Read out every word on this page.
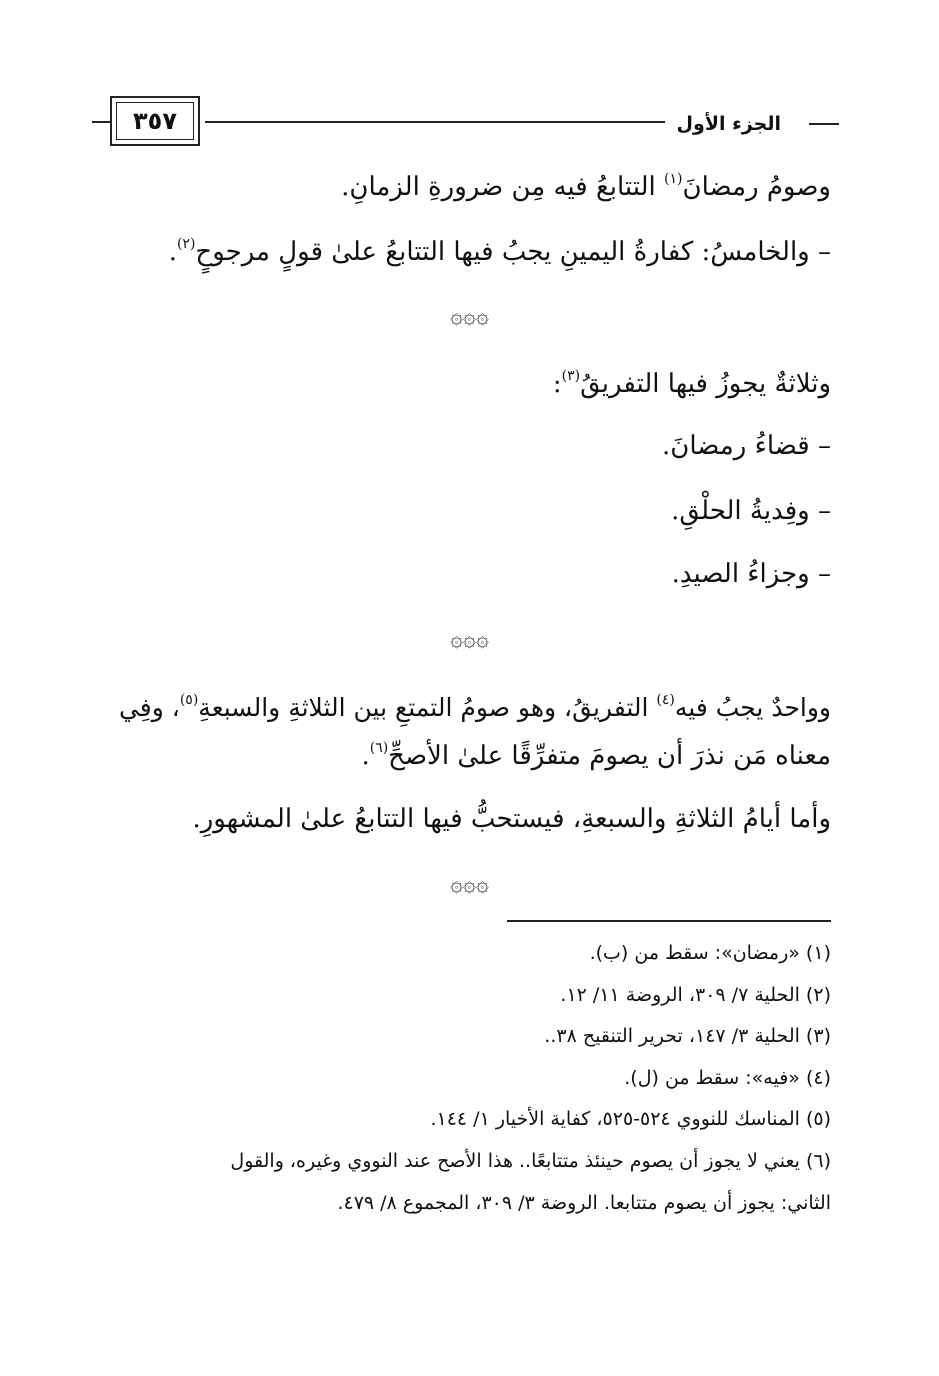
الجزء الأول
٣٥٧
وصومُ رمضانَ$^{(١)}$ التتابعُ فيه مِن ضرورةِ الزمانِ.
– والخامسُ: كفارةُ اليمينِ يجبُ فيها التتابعُ علىٰ قولٍ مرجوحٍ$^{(٢)}$.
۞۞۞
وثلاثةٌ يجوزُ فيها التفريقُ$^{(٣)}$:
– قضاءُ رمضانَ.
– وفِديةُ الحلْقِ.
– وجزاءُ الصيدِ.
۞۞۞
وواحدٌ يجبُ فيه$^{(٤)}$ التفريقُ، وهو صومُ التمتعِ بين الثلاثةِ والسبعةِ$^{(٥)}$، وفِي
معناه مَن نذرَ أن يصومَ متفرِّقًا علىٰ الأصحِّ$^{(٦)}$.
وأما أيامُ الثلاثةِ والسبعةِ، فيستحبُّ فيها التتابعُ علىٰ المشهورِ.
۞۞۞
(١) «رمضان»: سقط من (ب).
(٢) الحلية ٧/ ٣٠٩، الروضة ١١/ ١٢.
(٣) الحلية ٣/ ١٤٧، تحرير التنقيح ٣٨..
(٤) «فيه»: سقط من (ل).
(٥) المناسك للنووي ٥٢٤-٥٢٥، كفاية الأخيار ١/ ١٤٤.
(٦) يعني لا يجوز أن يصوم حينئذ متتابعًا.. هذا الأصح عند النووي وغيره، والقول
الثاني: يجوز أن يصوم متتابعا. الروضة ٣/ ٣٠٩، المجموع ٨/ ٤٧٩.
